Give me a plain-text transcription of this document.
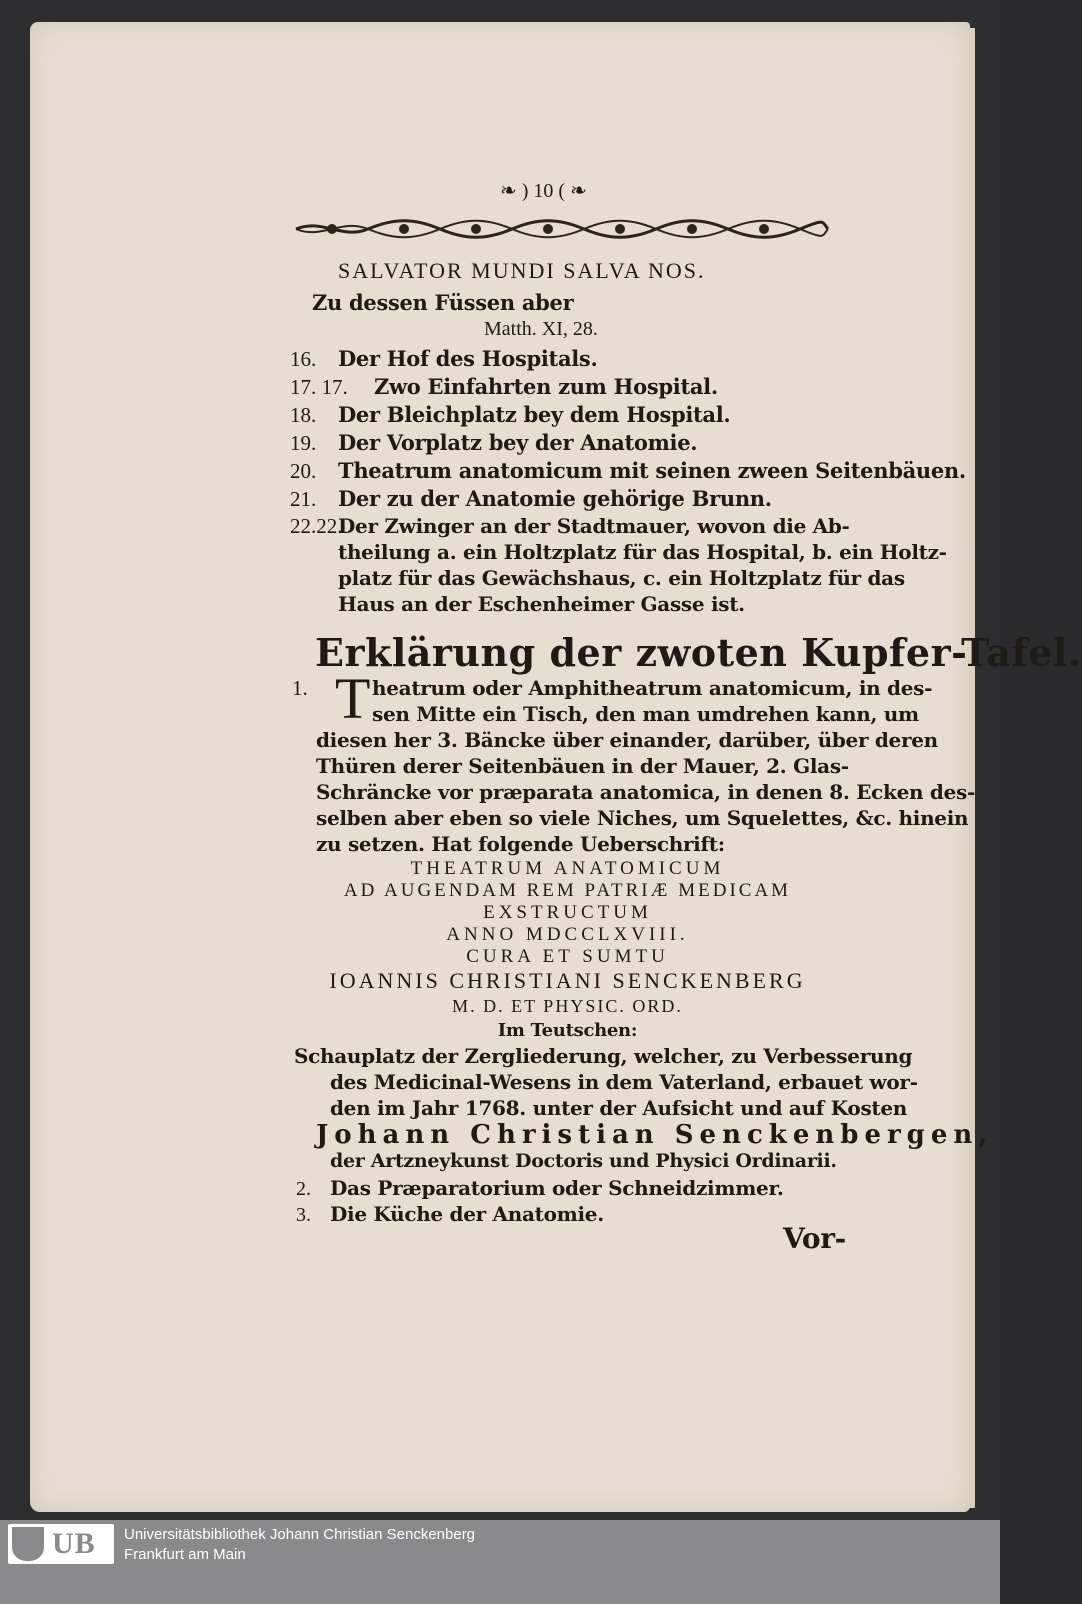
❧ ) 10 ( ❧
SALVATOR MUNDI SALVA NOS.
Zu dessen Füssen aber
Matth. XI, 28.
16. Der Hof des Hospitals.
17. 17. Zwo Einfahrten zum Hospital.
18. Der Bleichplatz bey dem Hospital.
19. Der Vorplatz bey der Anatomie.
20. Theatrum anatomicum mit seinen zween Seitenbäuen.
21. Der zu der Anatomie gehörige Brunn.
22.22.
Der Zwinger an der Stadtmauer, wovon die Ab-
theilung a. ein Holtzplatz für das Hospital, b. ein Holtz-
platz für das Gewächshaus, c. ein Holtzplatz für das
Haus an der Eschenheimer Gasse ist.
Erklärung der zwoten Kupfer-Tafel.
1. T heatrum oder Amphitheatrum anatomicum, in des-
sen Mitte ein Tisch, den man umdrehen kann, um
diesen her 3. Bäncke über einander, darüber, über deren
Thüren derer Seitenbäuen in der Mauer, 2. Glas-
Schräncke vor præparata anatomica, in denen 8. Ecken des-
selben aber eben so viele Niches, um Squelettes, &c. hinein
zu setzen. Hat folgende Ueberschrift:
THEATRUM ANATOMICUM
AD AUGENDAM REM PATRIÆ MEDICAM
EXSTRUCTUM
ANNO MDCCLXVIII.
CURA ET SUMTU
IOANNIS CHRISTIANI SENCKENBERG
M. D. ET PHYSIC. ORD.
Im Teutschen:
Schauplatz der Zergliederung, welcher, zu Verbesserung
des Medicinal-Wesens in dem Vaterland, erbauet wor-
den im Jahr 1768. unter der Aufsicht und auf Kosten
Johann Christian Senckenbergen,
der Artzneykunst Doctoris und Physici Ordinarii.
2. Das Præparatorium oder Schneidzimmer.
3. Die Küche der Anatomie.
Vor-
UB Universitätsbibliothek Johann Christian Senckenberg
Frankfurt am Main
